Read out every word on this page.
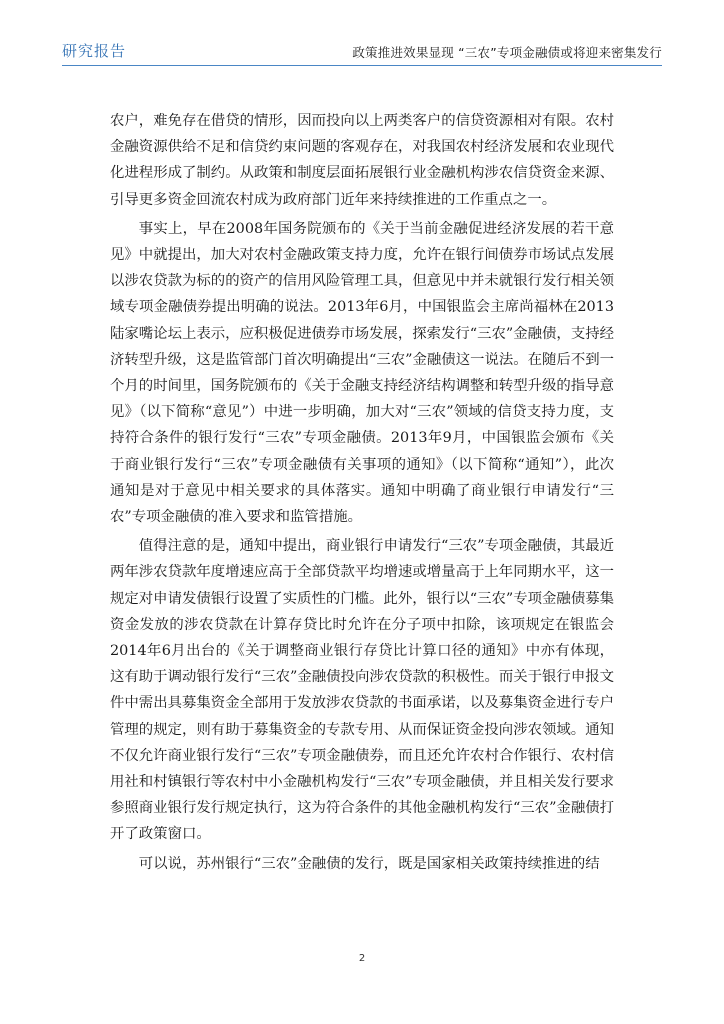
研究报告	政策推进效果显现 “三农”专项金融债或将迎来密集发行

农户，难免存在借贷的情形，因而投向以上两类客户的信贷资源相对有限。农村金融资源供给不足和信贷约束问题的客观存在，对我国农村经济发展和农业现代化进程形成了制约。从政策和制度层面拓展银行业金融机构涉农信贷资金来源、引导更多资金回流农村成为政府部门近年来持续推进的工作重点之一。

事实上，早在2008年国务院颁布的《关于当前金融促进经济发展的若干意见》中就提出，加大对农村金融政策支持力度，允许在银行间债券市场试点发展以涉农贷款为标的的资产的信用风险管理工具，但意见中并未就银行发行相关领域专项金融债券提出明确的说法。2013年6月，中国银监会主席尚福林在2013陆家嘴论坛上表示，应积极促进债券市场发展，探索发行“三农”金融债，支持经济转型升级，这是监管部门首次明确提出“三农”金融债这一说法。在随后不到一个月的时间里，国务院颁布的《关于金融支持经济结构调整和转型升级的指导意见》（以下简称“意见”）中进一步明确，加大对“三农”领域的信贷支持力度，支持符合条件的银行发行“三农”专项金融债。2013年9月，中国银监会颁布《关于商业银行发行“三农”专项金融债有关事项的通知》（以下简称“通知”），此次通知是对于意见中相关要求的具体落实。通知中明确了商业银行申请发行“三农”专项金融债的准入要求和监管措施。

值得注意的是，通知中提出，商业银行申请发行“三农”专项金融债，其最近两年涉农贷款年度增速应高于全部贷款平均增速或增量高于上年同期水平，这一规定对申请发债银行设置了实质性的门槛。此外，银行以“三农”专项金融债募集资金发放的涉农贷款在计算存贷比时允许在分子项中扣除，该项规定在银监会2014年6月出台的《关于调整商业银行存贷比计算口径的通知》中亦有体现，这有助于调动银行发行“三农”金融债投向涉农贷款的积极性。而关于银行申报文件中需出具募集资金全部用于发放涉农贷款的书面承诺，以及募集资金进行专户管理的规定，则有助于募集资金的专款专用、从而保证资金投向涉农领域。通知不仅允许商业银行发行“三农”专项金融债券，而且还允许农村合作银行、农村信用社和村镇银行等农村中小金融机构发行“三农”专项金融债，并且相关发行要求参照商业银行发行规定执行，这为符合条件的其他金融机构发行“三农”金融债打开了政策窗口。

可以说，苏州银行“三农”金融债的发行，既是国家相关政策持续推进的结

2
